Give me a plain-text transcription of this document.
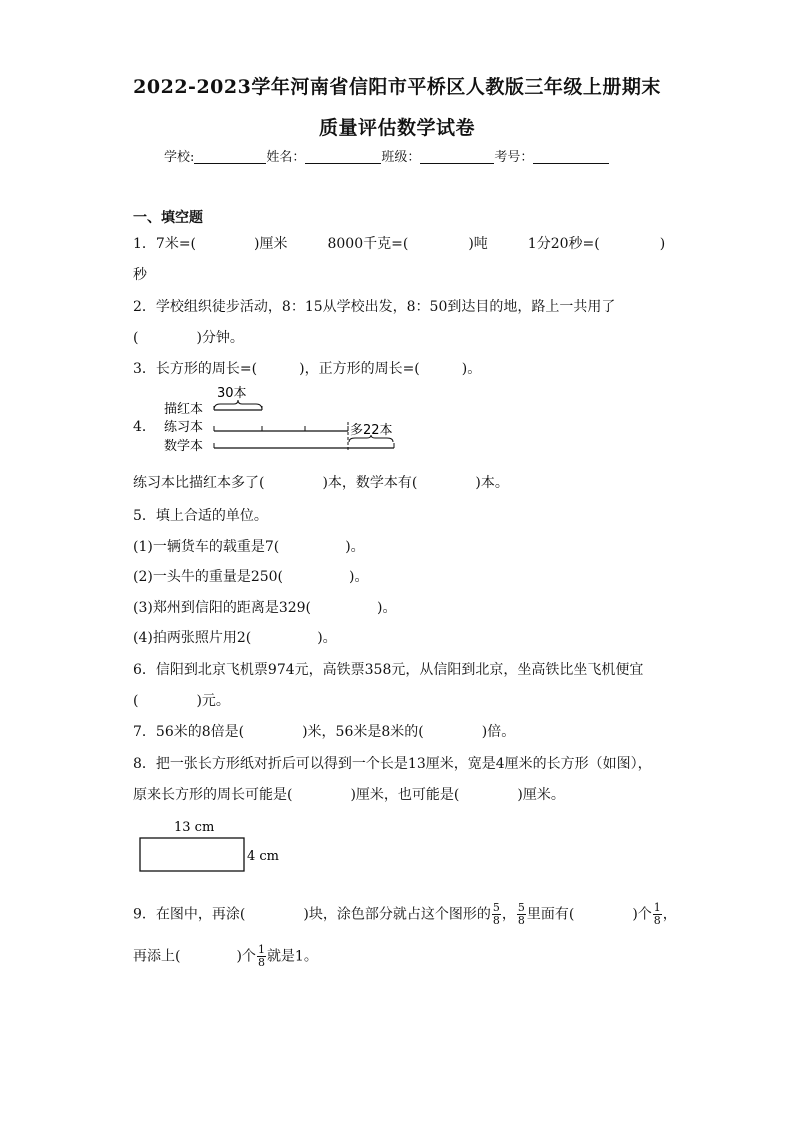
2022-2023学年河南省信阳市平桥区人教版三年级上册期末
质量评估数学试卷
学校:	姓名：	班级：	考号：
一、填空题
1．7米=(	)厘米	8000千克=(	)吨	1分20秒=(	)
秒
2．学校组织徒步活动，8：15从学校出发，8：50到达目的地，路上一共用了
(	)分钟。
3．长方形的周长=(	)，正方形的周长=(	)。
4．
描红本
练习本
数学本
30本
多22本
练习本比描红本多了(	)本，数学本有(	)本。
5．填上合适的单位。
(1)一辆货车的载重是7(	)。
(2)一头牛的重量是250(	)。
(3)郑州到信阳的距离是329(	)。
(4)拍两张照片用2(	)。
6．信阳到北京飞机票974元，高铁票358元，从信阳到北京，坐高铁比坐飞机便宜
(	)元。
7．56米的8倍是(	)米，56米是8米的(	)倍。
8．把一张长方形纸对折后可以得到一个长是13厘米，宽是4厘米的长方形（如图），
原来长方形的周长可能是(	)厘米，也可能是(	)厘米。
13 cm
4 cm
9．在图中，再涂(	)块，涂色部分就占这个图形的 $\frac{5}{8}$ ， $\frac{5}{8}$ 里面有(	)个 $\frac{1}{8}$ ，
再添上(	)个 $\frac{1}{8}$ 就是1。
